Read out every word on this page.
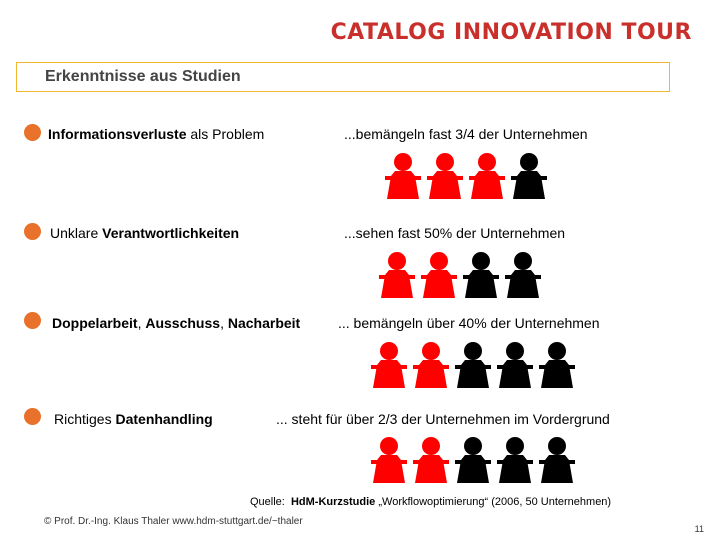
CATALOG INNOVATION TOUR
Erkenntnisse aus Studien
Informationsverluste als Problem	...bemängeln fast 3/4 der Unternehmen
Unklare Verantwortlichkeiten	...sehen fast 50% der Unternehmen
Doppelarbeit, Ausschuss, Nacharbeit	... bemängeln über 40% der Unternehmen
Richtiges Datenhandling	... steht für über 2/3 der Unternehmen im Vordergrund
Quelle:  HdM-Kurzstudie „Workflowoptimierung“ (2006, 50 Unternehmen)
© Prof. Dr.-Ing. Klaus Thaler www.hdm-stuttgart.de/~thaler
11
